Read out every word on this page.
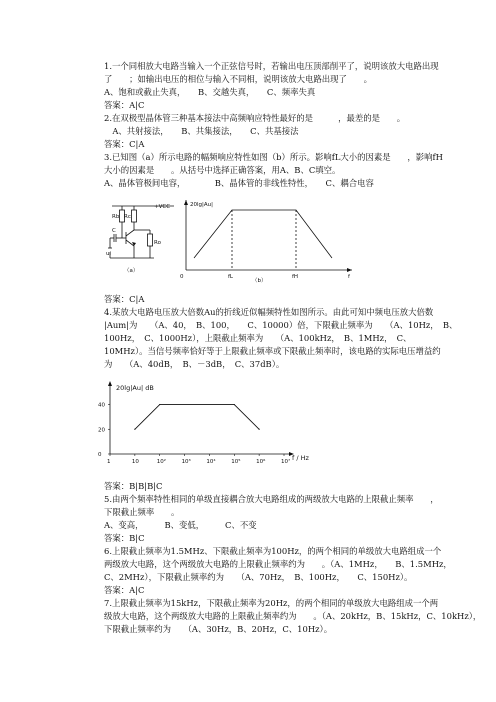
1.一个同相放大电路当输入一个正弦信号时，若输出电压顶部削平了，说明该放大电路出现
了　　；如输出电压的相位与输入不同相，说明该放大电路出现了　　。
A、饱和或截止失真，　　B、交越失真，　　C、频率失真
答案：A|C
2.在双极型晶体管三种基本接法中高频响应特性最好的是　　　，最差的是　　。
　A、共射接法，　　B、共集接法，　　C、共基接法
答案：C|A
3.已知图（a）所示电路的幅频响应特性如图（b）所示。影响fL大小的因素是　　，影响fH
大小的因素是　　。从括号中选择正确答案，用A、B、C填空。
A、晶体管极间电容，　　　　B、晶体管的非线性特性，　　C、耦合电容
+VCC
Rb Rc
C
Ro
ui
（a）
20lg|Au|
0	fL	fH	f
（b）
答案：C|A
4.某放大电路电压放大倍数Au的折线近似幅频特性如图所示。由此可知中频电压放大倍数
|Aum|为　　（A、40，　B、100，　　C、10000）倍，下限截止频率为　　（A、10Hz，　B、
100Hz，　C、1000Hz），上限截止频率为　　（A、100kHz，　B、1MHz，　C、
10MHz）。当信号频率恰好等于上限截止频率或下限截止频率时，该电路的实际电压增益约
为　　（A、40dB，　B、－3dB，　C、37dB）。
20lg|Au| dB
f / Hz
1	10	10²	10³	10⁴	10⁵	10⁶	10⁷
0
20
40
答案：B|B|B|C
5.由两个频率特性相同的单级直接耦合放大电路组成的两级放大电路的上限截止频率　　，
下限截止频率　　。
A、变高，　　　B、变低，　　　C、不变
答案：B|C
6.上限截止频率为1.5MHz、下限截止频率为100Hz，的两个相同的单级放大电路组成一个
两级放大电路，这个两级放大电路的上限截止频率约为　　。（A、1MHz，　　B、1.5MHz，
C、2MHz），下限截止频率约为　　（A、70Hz，　B、100Hz，　　C、150Hz）。
答案：A|C
7.上限截止频率为15kHz，下限截止频率为20Hz，的两个相同的单级放大电路组成一个两
级放大电路，这个两级放大电路的上限截止频率约为　　。（A、20kHz，B、15kHz，C、10kHz），
下限截止频率约为　　（A、30Hz，B、20Hz，C、10Hz）。
